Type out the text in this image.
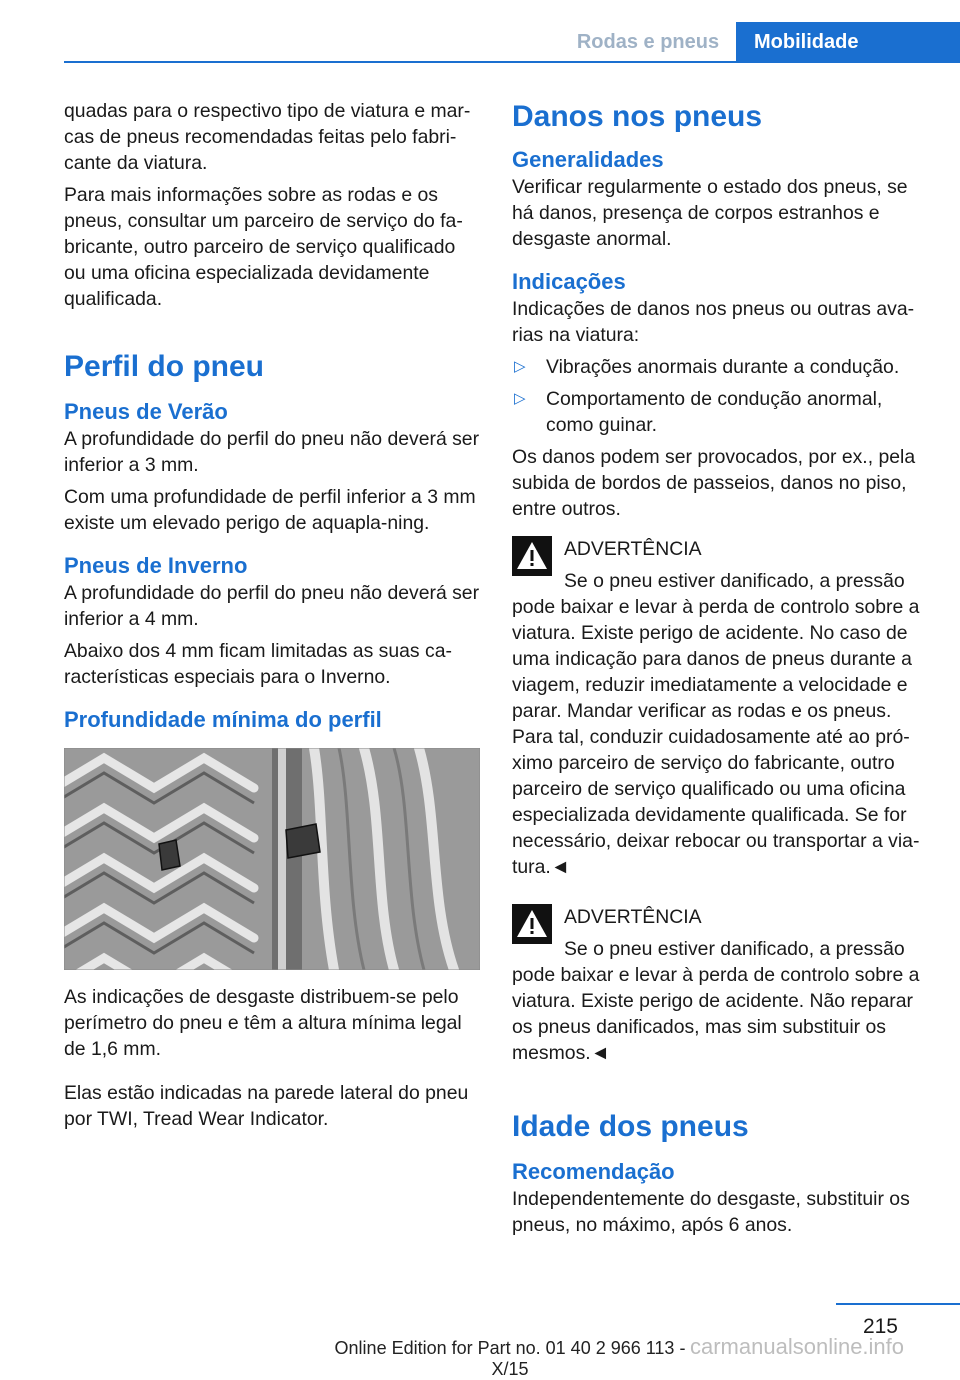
Rodas e pneus	Mobilidade

quadas para o respectivo tipo de viatura e mar‐cas de pneus recomendadas feitas pelo fabri‐cante da viatura.

Para mais informações sobre as rodas e os pneus, consultar um parceiro de serviço do fa‐bricante, outro parceiro de serviço qualificado ou uma oficina especializada devidamente qualificada.

Perfil do pneu
Pneus de Verão

A profundidade do perfil do pneu não deverá ser inferior a 3 mm.

Com uma profundidade de perfil inferior a 3 mm existe um elevado perigo de aquapla‐ning.

Pneus de Inverno

A profundidade do perfil do pneu não deverá ser inferior a 4 mm.

Abaixo dos 4 mm ficam limitadas as suas ca‐racterísticas especiais para o Inverno.

Profundidade mínima do perfil

As indicações de desgaste distribuem-se pelo perímetro do pneu e têm a altura mínima legal de 1,6 mm.

Elas estão indicadas na parede lateral do pneu por TWI, Tread Wear Indicator.

Danos nos pneus
Generalidades

Verificar regularmente o estado dos pneus, se há danos, presença de corpos estranhos e desgaste anormal.

Indicações

Indicações de danos nos pneus ou outras ava‐rias na viatura:

▷ Vibrações anormais durante a condução.
▷ Comportamento de condução anormal, como guinar.

Os danos podem ser provocados, por ex., pela subida de bordos de passeios, danos no piso, entre outros.

ADVERTÊNCIA
Se o pneu estiver danificado, a pressão pode baixar e levar à perda de controlo sobre a viatura. Existe perigo de acidente. No caso de uma indicação para danos de pneus durante a viagem, reduzir imediatamente a velocidade e parar. Mandar verificar as rodas e os pneus. Para tal, conduzir cuidadosamente até ao pró‐ximo parceiro de serviço do fabricante, outro parceiro de serviço qualificado ou uma oficina especializada devidamente qualificada. Se for necessário, deixar rebocar ou transportar a via‐tura.◄
ADVERTÊNCIA
Se o pneu estiver danificado, a pressão pode baixar e levar à perda de controlo sobre a viatura. Existe perigo de acidente. Não reparar os pneus danificados, mas sim substituir os mesmos.◄
Idade dos pneus
Recomendação

Independentemente do desgaste, substituir os pneus, no máximo, após 6 anos.

215
Online Edition for Part no. 01 40 2 966 113 - X/15
carmanualsonline.info
